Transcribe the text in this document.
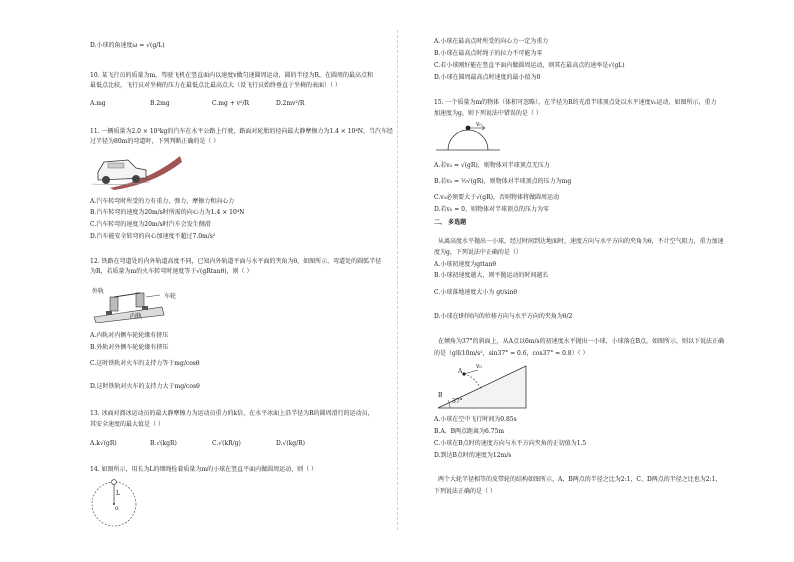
D.小球的角速度ω = √(g/L)
10. 某飞行员的质量为m，驾驶飞机在竖直面内以速度v做匀速圆周运动，圆的半径为R，在圆周的最高点和
最低点比较，飞行员对坐椅的压力在最低点比最高点大（设飞行员始终垂直于坐椅的表面）（ ）
A.mg	B.2mg	C.mg + v²/R	D.2mv²/R
11. 一辆质量为2.0 × 10³kg的汽车在水平公路上行驶，路面对轮胎的径向最大静摩擦力为1.4 × 10⁴N，当汽车经
过半径为80m的弯道时，下列判断正确的是（ ）
A.汽车转弯时所受的力有重力、弹力、摩擦力和向心力
B.汽车转弯的速度为20m/s时所需的向心力为1.4 × 10⁴N
C.汽车转弯的速度为20m/s时汽车会发生侧滑
D.汽车能安全转弯的向心加速度不超过7.0m/s²
12. 铁路在弯道处的内外轨道高度不同，已知内外轨道平面与水平面的夹角为θ，如图所示，弯道处的圆弧半径
为R，若质量为m的火车转弯时速度等于√(gRtanθ)，则（ ）
外轨
车轮
内轨
A.内轨对内侧车轮轮缘有挤压
B.外轨对外侧车轮轮缘有挤压
C.这时铁轨对火车的支持力等于mg/cosθ
D.这时铁轨对火车的支持力大于mg/cosθ
13. 冰面对溜冰运动员的最大静摩擦力为运动员重力的k倍，在水平冰面上沿半径为R的圆周滑行的运动员，
其安全速度的最大值是（ ）
A.k√(gR)	B.√(kgR)	C.√(kR/g)	D.√(kg/R)
14. 如图所示，用长为L的细绳拴着质量为m的小球在竖直平面内做圆周运动，则（ ）
L
o
A.小球在最高点时所受的向心力一定为重力
B.小球在最高点时绳子的拉力不可能为零
C.若小球刚好能在竖直平面内做圆周运动，则其在最高点的速率是√(gL)
D.小球在圆周最高点时速度的最小值为0
15. 一个质量为m的物体（体积可忽略），在半径为R的光滑半球顶点处以水平速度v₀运动，如图所示，重力
加速度为g，则下列说法中错误的是（ ）
v₀
A.若v₀ = √(gR)，则物体对半球顶点无压力
B.若v₀ = ½√(gR)，则物体对半球顶点的压力为mg
C.v₀必须要大于√(gR)，否则物体将做圆周运动
D.若v₀ = 0，则物体对半球顶点的压力为零
二、 多选题
从离高度水平抛出一小球，经过时间到达地面时，速度方向与水平方向的夹角为θ，不计空气阻力，重力加速
度为g，下列说法中正确的是（）
A.小球初速度为gttanθ
B.小球初速度越大，则平抛运动的时间越长
C.小球落地速度大小为 gt/sinθ
D.小球在t时间内的位移方向与水平方向的夹角为θ/2
在倾角为37°的斜面上，从A点以6m/s的初速度水平抛出一小球，小球落在B点，如图所示，则以下说法正确
的是（g取10m/s²，sin37° = 0.6，cos37° = 0.8）（ ）
v₀
A
B
37°
A.小球在空中飞行时间为0.85s
B.A、B两点距离为6.75m
C.小球在B点时的速度方向与水平方向夹角的正切值为1.5
D.到达B点时的速度为12m/s
两个大轮半径相等的皮带轮的结构如图所示，A、B两点的半径之比为2:1，C、D两点的半径之比也为2:1，
下列说法正确的是（ ）
